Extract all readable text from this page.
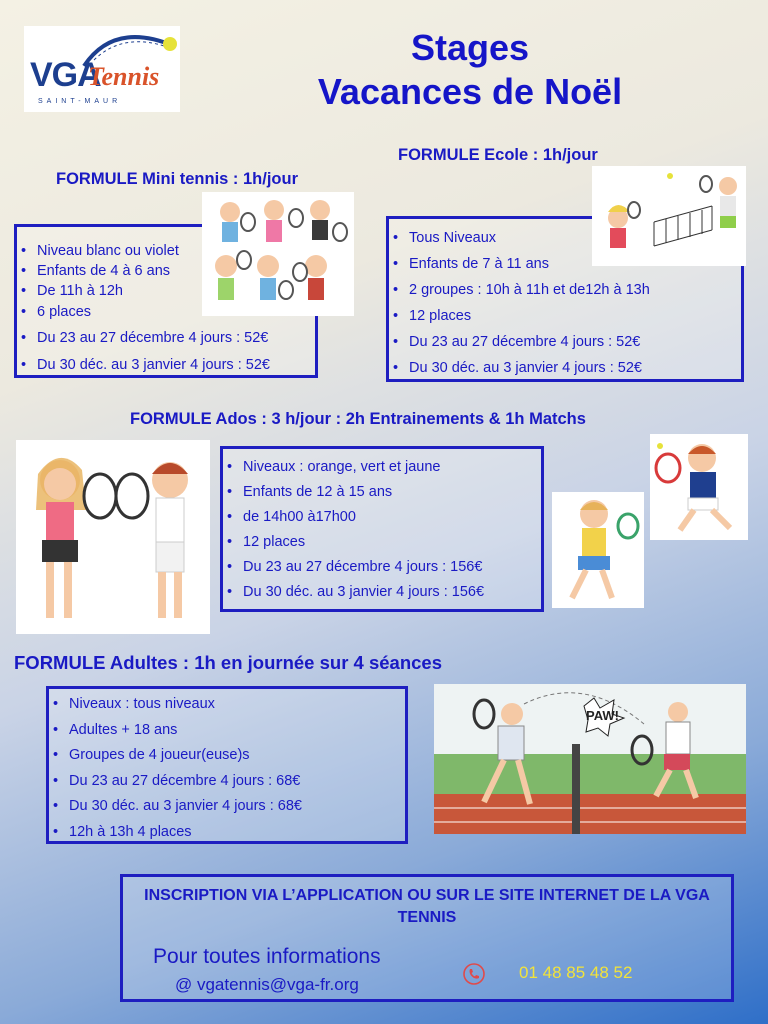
VGA
Tennis
SAINT-MAUR
Stages
Vacances de Noël
FORMULE Mini tennis : 1h/jour
• Niveau blanc ou violet
• Enfants de 4 à 6 ans
• De 11h à 12h
• 6 places
• Du 23 au 27 décembre 4 jours : 52€
• Du 30 déc. au 3 janvier 4 jours : 52€
FORMULE Ecole : 1h/jour
• Tous Niveaux
• Enfants de 7 à 11 ans
• 2 groupes : 10h à 11h et de12h à 13h
• 12 places
• Du 23 au 27 décembre 4 jours : 52€
• Du 30 déc. au 3 janvier 4 jours : 52€
FORMULE Ados : 3 h/jour : 2h Entrainements & 1h Matchs
• Niveaux : orange, vert et jaune
• Enfants de 12 à 15 ans
• de 14h00 à17h00
• 12 places
• Du 23 au 27 décembre 4 jours : 156€
• Du 30 déc. au 3 janvier 4 jours : 156€
FORMULE Adultes : 1h en journée sur 4 séances
• Niveaux : tous niveaux
• Adultes + 18 ans
• Groupes de 4 joueur(euse)s
• Du 23 au 27 décembre 4 jours : 68€
• Du 30 déc. au 3 janvier 4 jours : 68€
• 12h à 13h 4 places
PAW!
INSCRIPTION VIA L’APPLICATION OU SUR LE SITE INTERNET DE LA VGA TENNIS
Pour toutes informations
@ vgatennis@vga-fr.org
01 48 85 48 52
